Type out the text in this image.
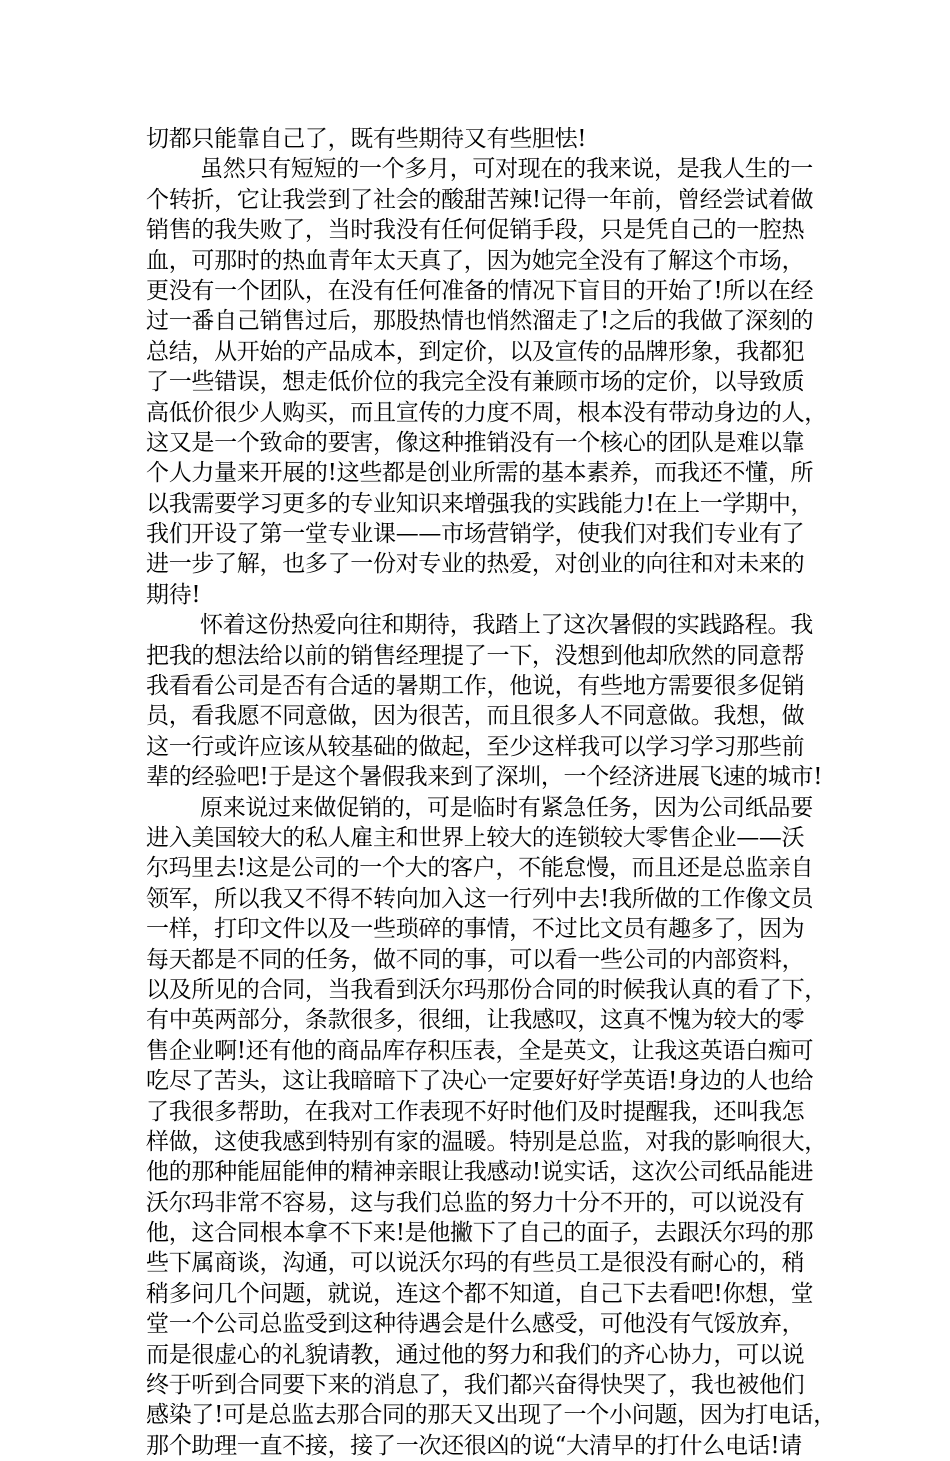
切都只能靠自己了，既有些期待又有些胆怯!
虽然只有短短的一个多月，可对现在的我来说，是我人生的一
个转折，它让我尝到了社会的酸甜苦辣!记得一年前，曾经尝试着做
销售的我失败了，当时我没有任何促销手段，只是凭自己的一腔热
血，可那时的热血青年太天真了，因为她完全没有了解这个市场，
更没有一个团队，在没有任何准备的情况下盲目的开始了!所以在经
过一番自己销售过后，那股热情也悄然溜走了!之后的我做了深刻的
总结，从开始的产品成本，到定价，以及宣传的品牌形象，我都犯
了一些错误，想走低价位的我完全没有兼顾市场的定价，以导致质
高低价很少人购买，而且宣传的力度不周，根本没有带动身边的人，
这又是一个致命的要害，像这种推销没有一个核心的团队是难以靠
个人力量来开展的!这些都是创业所需的基本素养，而我还不懂，所
以我需要学习更多的专业知识来增强我的实践能力!在上一学期中，
我们开设了第一堂专业课——市场营销学，使我们对我们专业有了
进一步了解，也多了一份对专业的热爱，对创业的向往和对未来的
期待!
怀着这份热爱向往和期待，我踏上了这次暑假的实践路程。我
把我的想法给以前的销售经理提了一下，没想到他却欣然的同意帮
我看看公司是否有合适的暑期工作，他说，有些地方需要很多促销
员，看我愿不同意做，因为很苦，而且很多人不同意做。我想，做
这一行或许应该从较基础的做起，至少这样我可以学习学习那些前
辈的经验吧!于是这个暑假我来到了深圳，一个经济进展飞速的城市!
原来说过来做促销的，可是临时有紧急任务，因为公司纸品要
进入美国较大的私人雇主和世界上较大的连锁较大零售企业——沃
尔玛里去!这是公司的一个大的客户，不能怠慢，而且还是总监亲自
领军，所以我又不得不转向加入这一行列中去!我所做的工作像文员
一样，打印文件以及一些琐碎的事情，不过比文员有趣多了，因为
每天都是不同的任务，做不同的事，可以看一些公司的内部资料，
以及所见的合同，当我看到沃尔玛那份合同的时候我认真的看了下，
有中英两部分，条款很多，很细，让我感叹，这真不愧为较大的零
售企业啊!还有他的商品库存积压表，全是英文，让我这英语白痴可
吃尽了苦头，这让我暗暗下了决心一定要好好学英语!身边的人也给
了我很多帮助，在我对工作表现不好时他们及时提醒我，还叫我怎
样做，这使我感到特别有家的温暖。特别是总监，对我的影响很大，
他的那种能屈能伸的精神亲眼让我感动!说实话，这次公司纸品能进
沃尔玛非常不容易，这与我们总监的努力十分不开的，可以说没有
他，这合同根本拿不下来!是他撇下了自己的面子，去跟沃尔玛的那
些下属商谈，沟通，可以说沃尔玛的有些员工是很没有耐心的，稍
稍多问几个问题，就说，连这个都不知道，自己下去看吧!你想，堂
堂一个公司总监受到这种待遇会是什么感受，可他没有气馁放弃，
而是很虚心的礼貌请教，通过他的努力和我们的齐心协力，可以说
终于听到合同要下来的消息了，我们都兴奋得快哭了，我也被他们
感染了!可是总监去那合同的那天又出现了一个小问题，因为打电话，
那个助理一直不接，接了一次还很凶的说“大清早的打什么电话!请
